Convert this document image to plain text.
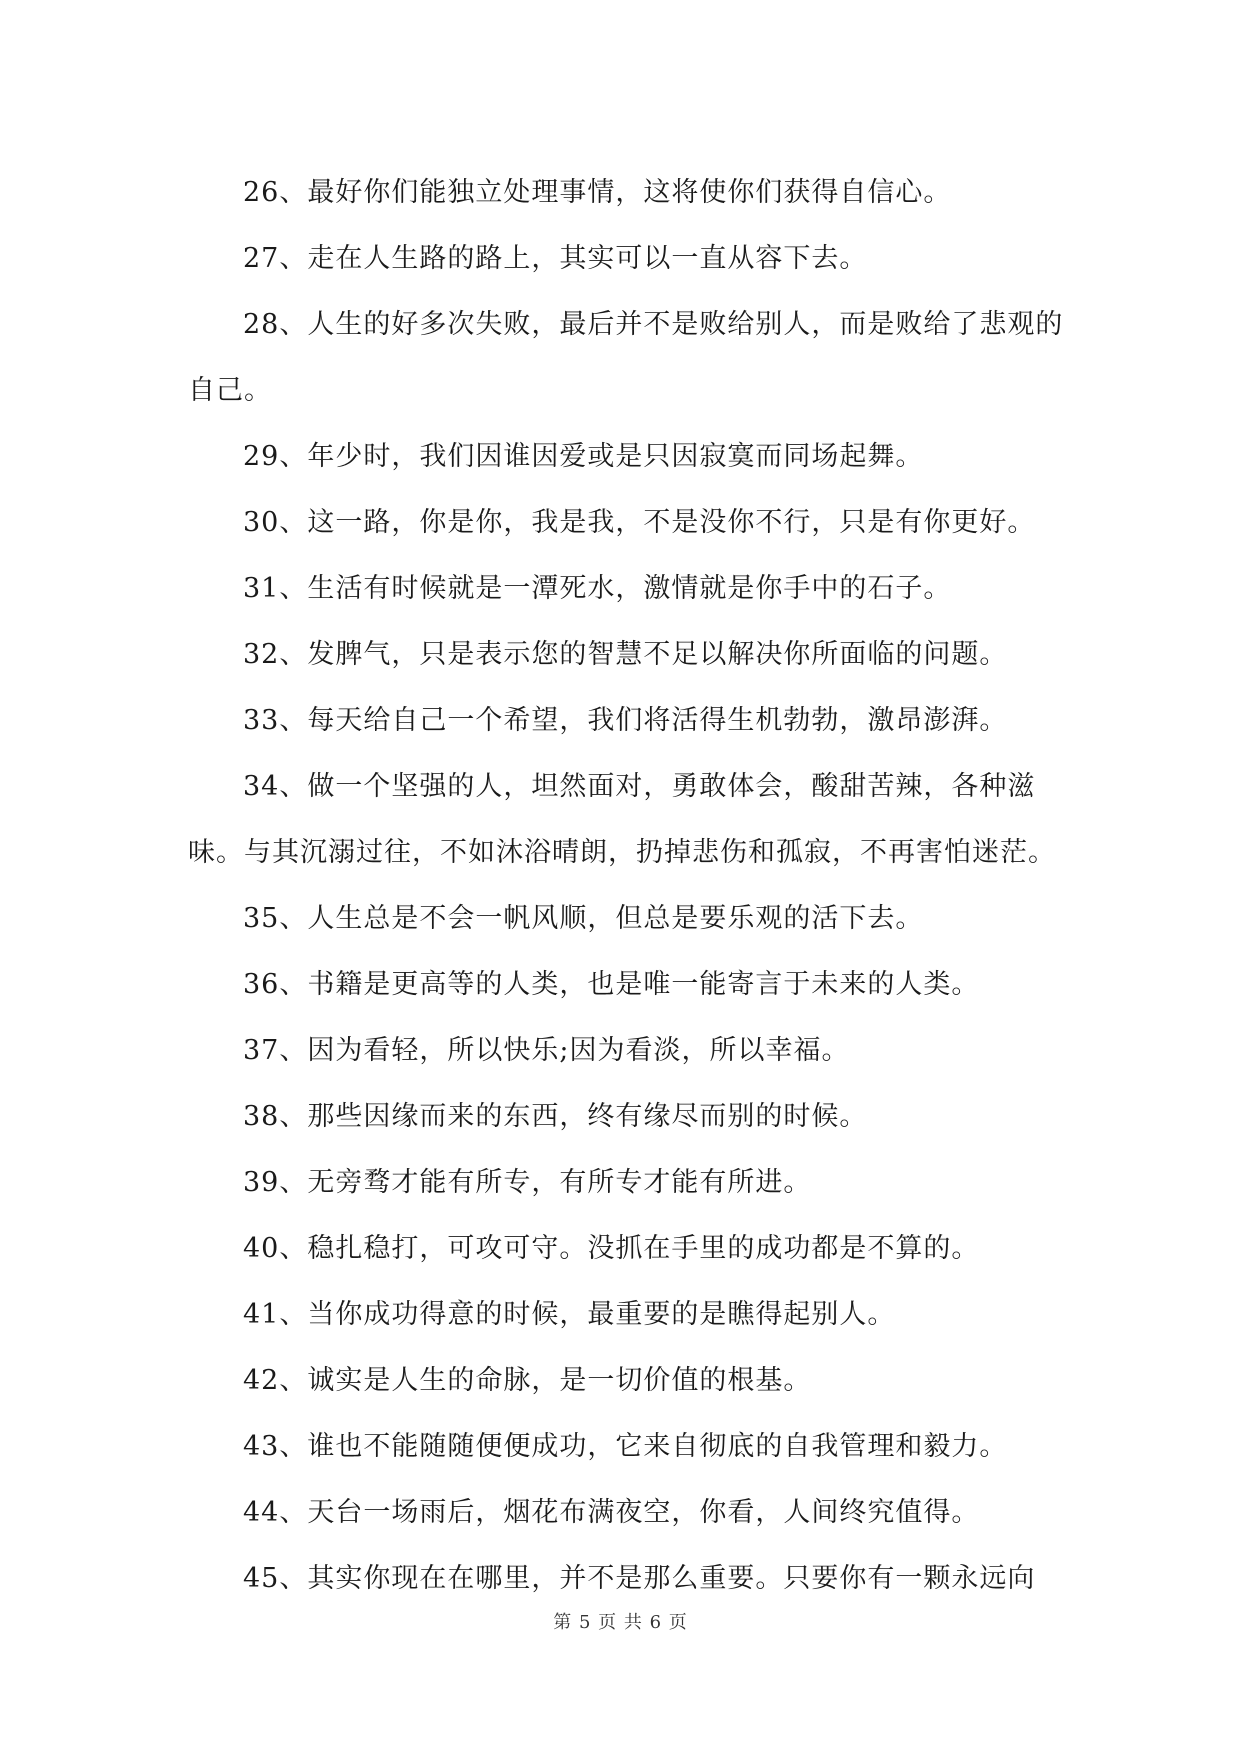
26、最好你们能独立处理事情，这将使你们获得自信心。

27、走在人生路的路上，其实可以一直从容下去。

28、人生的好多次失败，最后并不是败给别人，而是败给了悲观的自己。

29、年少时，我们因谁因爱或是只因寂寞而同场起舞。

30、这一路，你是你，我是我，不是没你不行，只是有你更好。

31、生活有时候就是一潭死水，激情就是你手中的石子。

32、发脾气，只是表示您的智慧不足以解决你所面临的问题。

33、每天给自己一个希望，我们将活得生机勃勃，激昂澎湃。

34、做一个坚强的人，坦然面对，勇敢体会，酸甜苦辣，各种滋味。与其沉溺过往，不如沐浴晴朗，扔掉悲伤和孤寂，不再害怕迷茫。

35、人生总是不会一帆风顺，但总是要乐观的活下去。

36、书籍是更高等的人类，也是唯一能寄言于未来的人类。

37、因为看轻，所以快乐;因为看淡，所以幸福。

38、那些因缘而来的东西，终有缘尽而别的时候。

39、无旁骛才能有所专，有所专才能有所进。

40、稳扎稳打，可攻可守。没抓在手里的成功都是不算的。

41、当你成功得意的时候，最重要的是瞧得起别人。

42、诚实是人生的命脉，是一切价值的根基。

43、谁也不能随随便便成功，它来自彻底的自我管理和毅力。

44、天台一场雨后，烟花布满夜空，你看，人间终究值得。

45、其实你现在在哪里，并不是那么重要。只要你有一颗永远向

第 5 页 共 6 页
